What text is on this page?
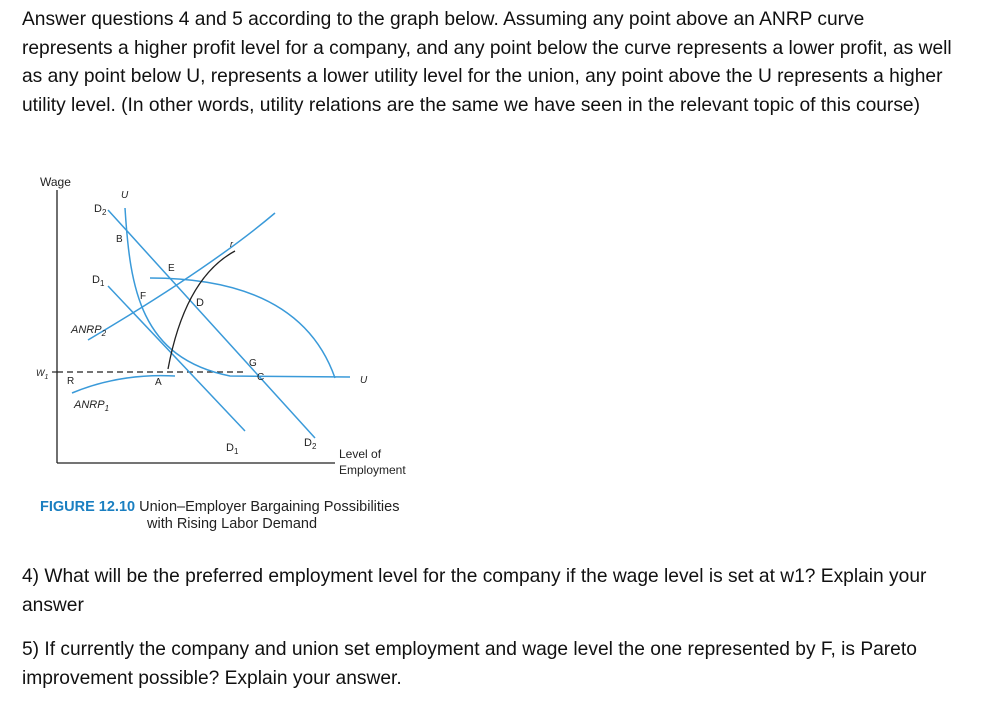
Answer questions 4 and 5 according to the graph below. Assuming any point above an ANRP curve represents a higher profit level for a company, and any point below the curve represents a lower profit, as well as any point below U, represents a lower utility level for the union, any point above the U represents a higher utility level. (In other words, utility relations are the same we have seen in the relevant topic of this course)

Wage
$W_1$
$D_2$
U
B
E
r
F
$D_1$
D
$ANRP_2$
G
R	A	C	U
$ANRP_1$
$D_1$
$D_2$
Level of
Employment
FIGURE 12.10 Union–Employer Bargaining Possibilities
with Rising Labor Demand

4) What will be the preferred employment level for the company if the wage level is set at w1? Explain your answer

5) If currently the company and union set employment and wage level the one represented by F, is Pareto improvement possible? Explain your answer.
